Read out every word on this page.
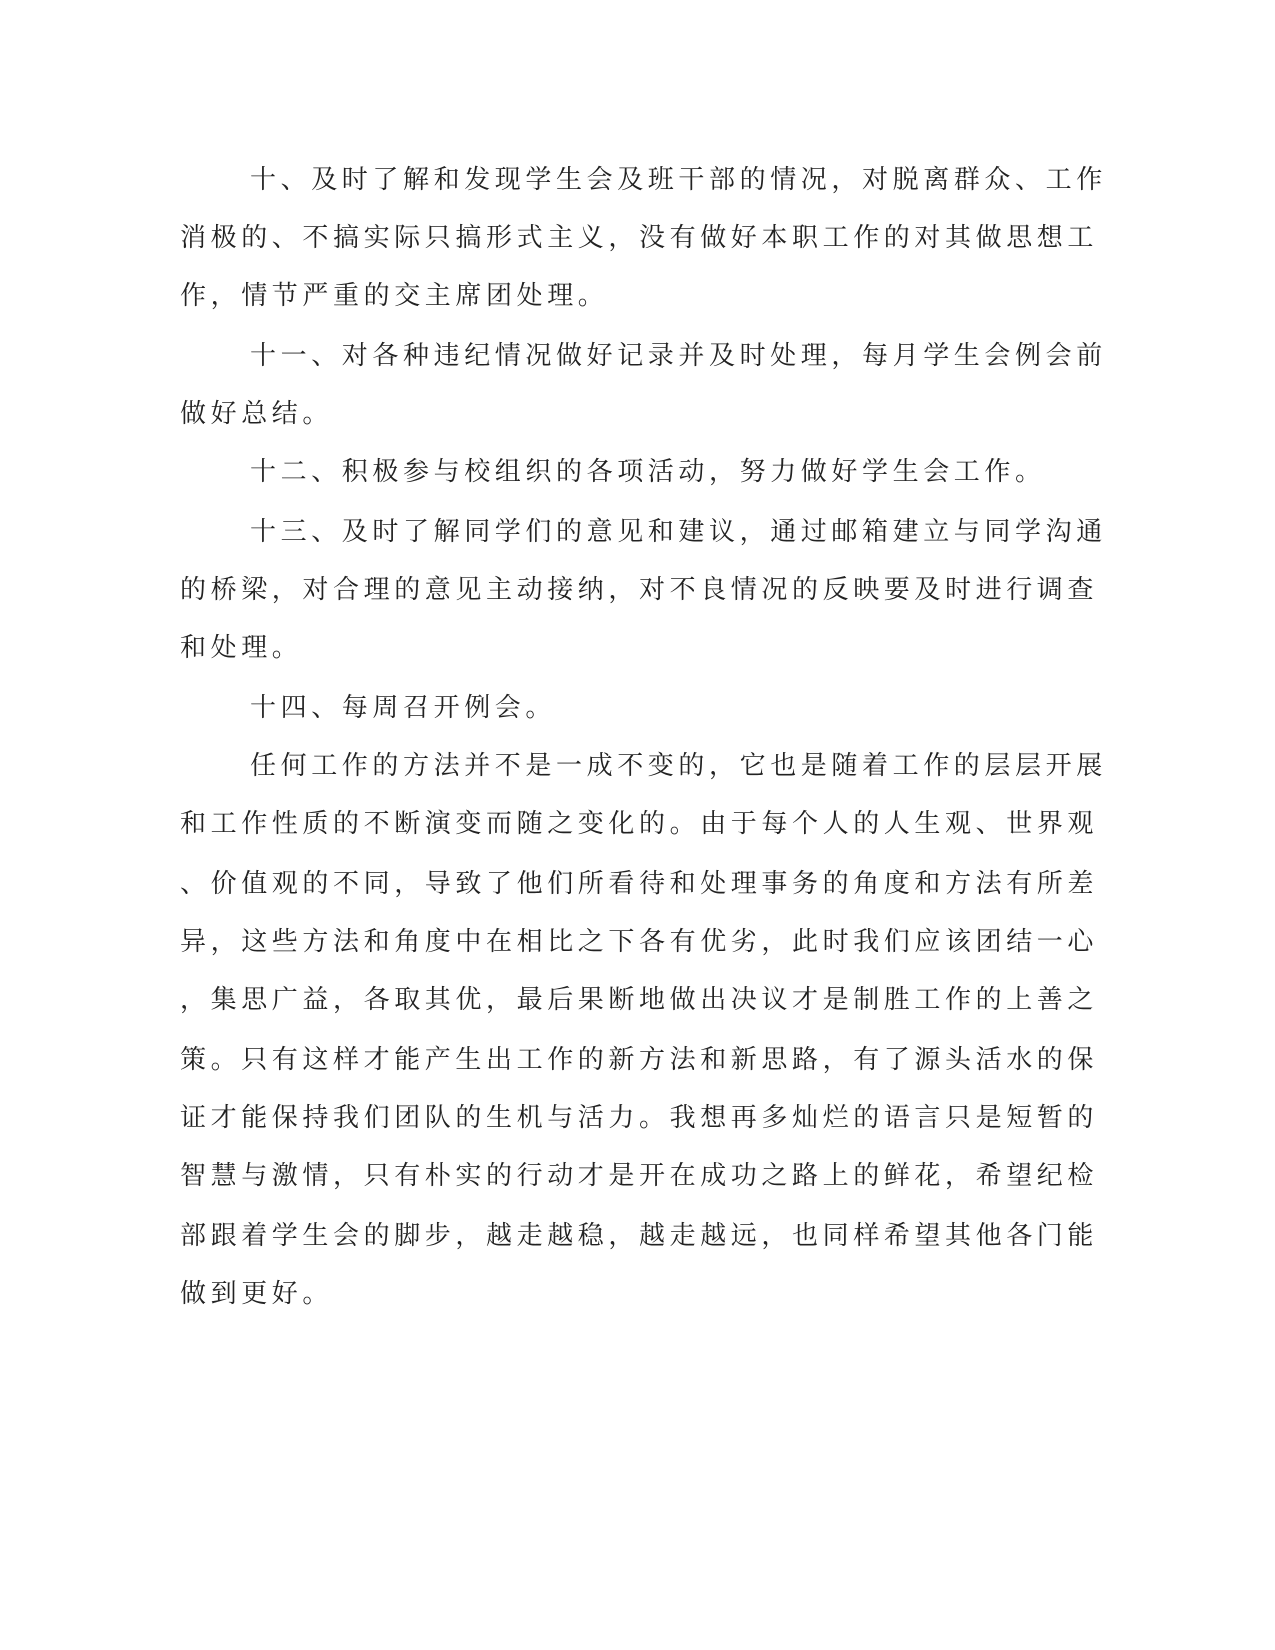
十、及时了解和发现学生会及班干部的情况，对脱离群众、工作
消极的、不搞实际只搞形式主义，没有做好本职工作的对其做思想工
作，情节严重的交主席团处理。
十一、对各种违纪情况做好记录并及时处理，每月学生会例会前
做好总结。
十二、积极参与校组织的各项活动，努力做好学生会工作。
十三、及时了解同学们的意见和建议，通过邮箱建立与同学沟通
的桥梁，对合理的意见主动接纳，对不良情况的反映要及时进行调查
和处理。
十四、每周召开例会。
任何工作的方法并不是一成不变的，它也是随着工作的层层开展
和工作性质的不断演变而随之变化的。由于每个人的人生观、世界观
、价值观的不同，导致了他们所看待和处理事务的角度和方法有所差
异，这些方法和角度中在相比之下各有优劣，此时我们应该团结一心
，集思广益，各取其优，最后果断地做出决议才是制胜工作的上善之
策。只有这样才能产生出工作的新方法和新思路，有了源头活水的保
证才能保持我们团队的生机与活力。我想再多灿烂的语言只是短暂的
智慧与激情，只有朴实的行动才是开在成功之路上的鲜花，希望纪检
部跟着学生会的脚步，越走越稳，越走越远，也同样希望其他各门能
做到更好。
